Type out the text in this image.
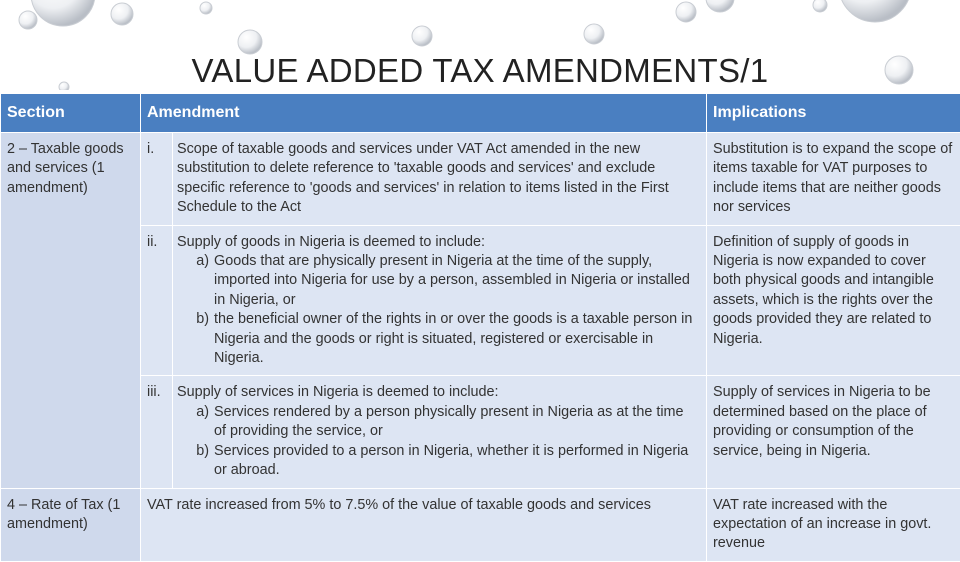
VALUE ADDED TAX AMENDMENTS/1
Section	Amendment		Implications
2 – Taxable goods and services (1 amendment)	i.	Scope of taxable goods and services under VAT Act amended in the new substitution to delete reference to 'taxable goods and services' and exclude specific reference to 'goods and services' in relation to items listed in the First Schedule to the Act	Substitution is to expand the scope of items taxable for VAT purposes to include items that are neither goods nor services
	ii.	Supply of goods in Nigeria is deemed to include:
a) Goods that are physically present in Nigeria at the time of the supply, imported into Nigeria for use by a person, assembled in Nigeria or installed in Nigeria, or
b) the beneficial owner of the rights in or over the goods is a taxable person in Nigeria and the goods or right is situated, registered or exercisable in Nigeria.	Definition of supply of goods in Nigeria is now expanded to cover both physical goods and intangible assets, which is the rights over the goods provided they are related to Nigeria.
	iii.	Supply of services in Nigeria is deemed to include:
a) Services rendered by a person physically present in Nigeria as at the time of providing the service, or
b) Services provided to a person in Nigeria, whether it is performed in Nigeria or abroad.	Supply of services in Nigeria to be determined based on the place of providing or consumption of the service, being in Nigeria.
4 – Rate of Tax (1 amendment)	VAT rate increased from 5% to 7.5% of the value of taxable goods and services		VAT rate increased with the expectation of an increase in govt. revenue
